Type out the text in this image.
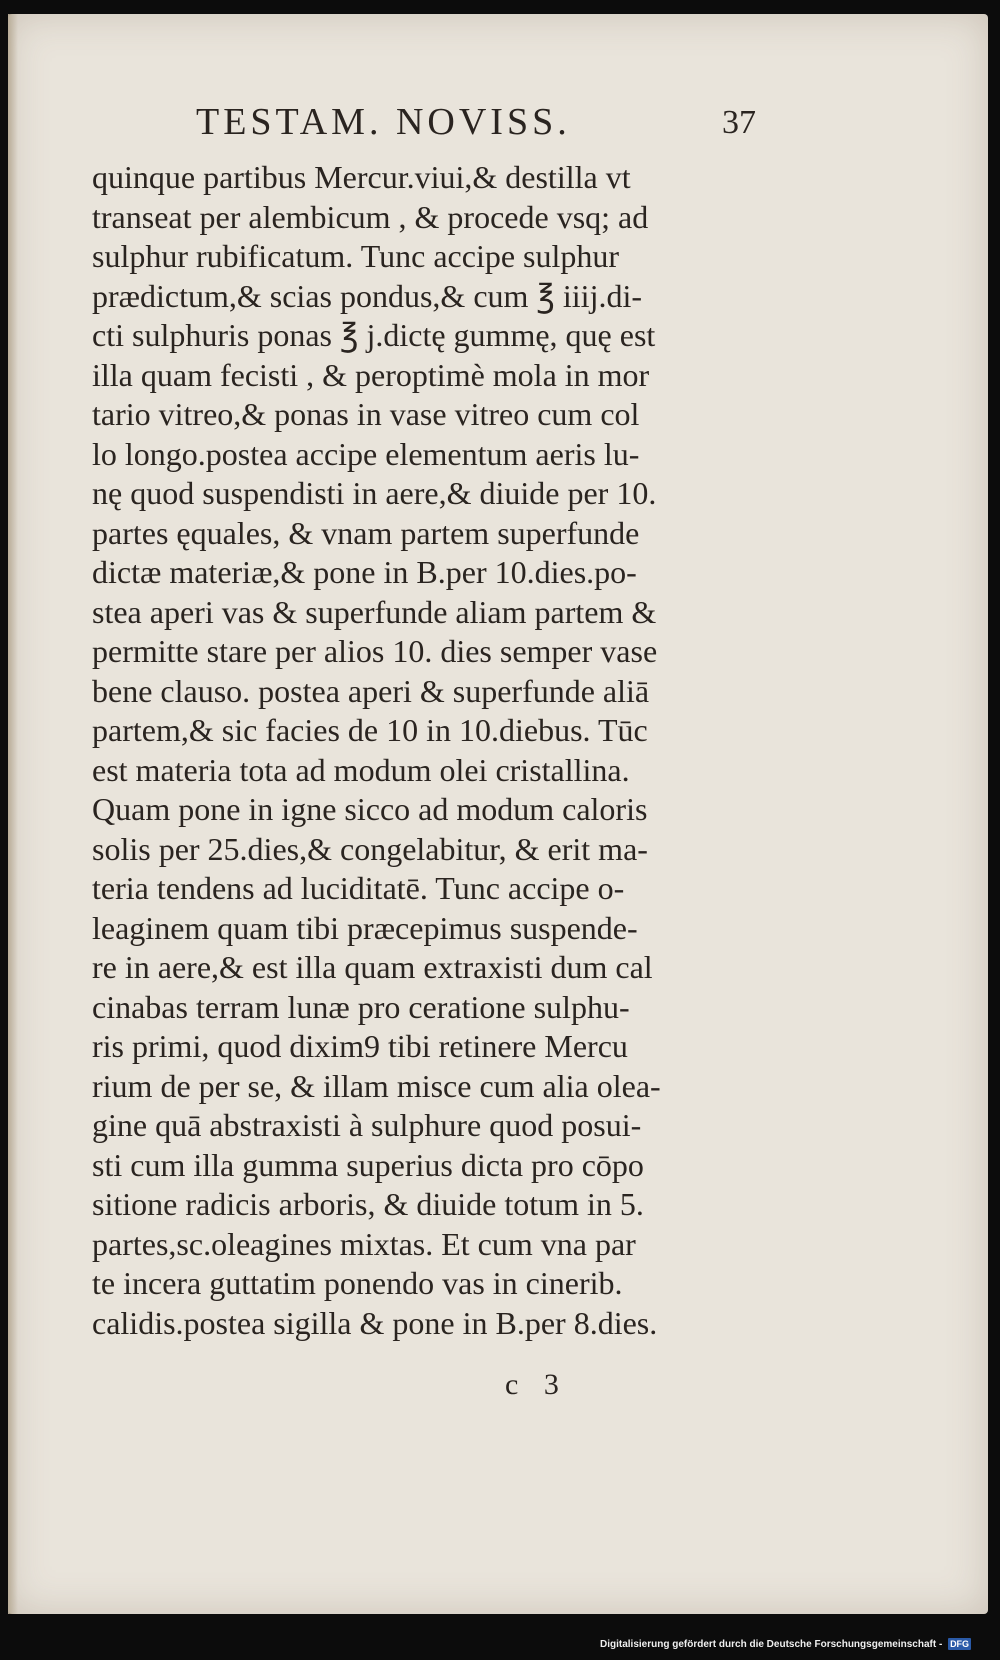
TESTAM. NOVISS.	37
quinque partibus Mercur.viui,& destilla vt
transeat per alembicum , & procede vsq; ad
sulphur rubificatum. Tunc accipe sulphur
prædictum,& scias pondus,& cum ℥ iiij.di-
cti sulphuris ponas ℥ j.dictę gummę, quę est
illa quam fecisti , & peroptimè mola in mor
tario vitreo,& ponas in vase vitreo cum col
lo longo.postea accipe elementum aeris lu-
nę quod suspendisti in aere,& diuide per 10.
partes ęquales, & vnam partem superfunde
dictæ materiæ,& pone in B.per 10.dies.po-
stea aperi vas & superfunde aliam partem &
permitte stare per alios 10. dies semper vase
bene clauso. postea aperi & superfunde aliā
partem,& sic facies de 10 in 10.diebus. Tūc
est materia tota ad modum olei cristallina.
Quam pone in igne sicco ad modum caloris
solis per 25.dies,& congelabitur, & erit ma-
teria tendens ad luciditatē. Tunc accipe o-
leaginem quam tibi præcepimus suspende-
re in aere,& est illa quam extraxisti dum cal
cinabas terram lunæ pro ceratione sulphu-
ris primi, quod dixim9 tibi retinere Mercu
rium de per se, & illam misce cum alia olea-
gine quā abstraxisti à sulphure quod posui-
sti cum illa gumma superius dicta pro cōpo
sitione radicis arboris, & diuide totum in 5.
partes,sc.oleagines mixtas. Et cum vna par
te incera guttatim ponendo vas in cinerib.
calidis.postea sigilla & pone in B.per 8.dies.
c 3
Digitalisierung gefördert durch die Deutsche Forschungsgemeinschaft - DFG
